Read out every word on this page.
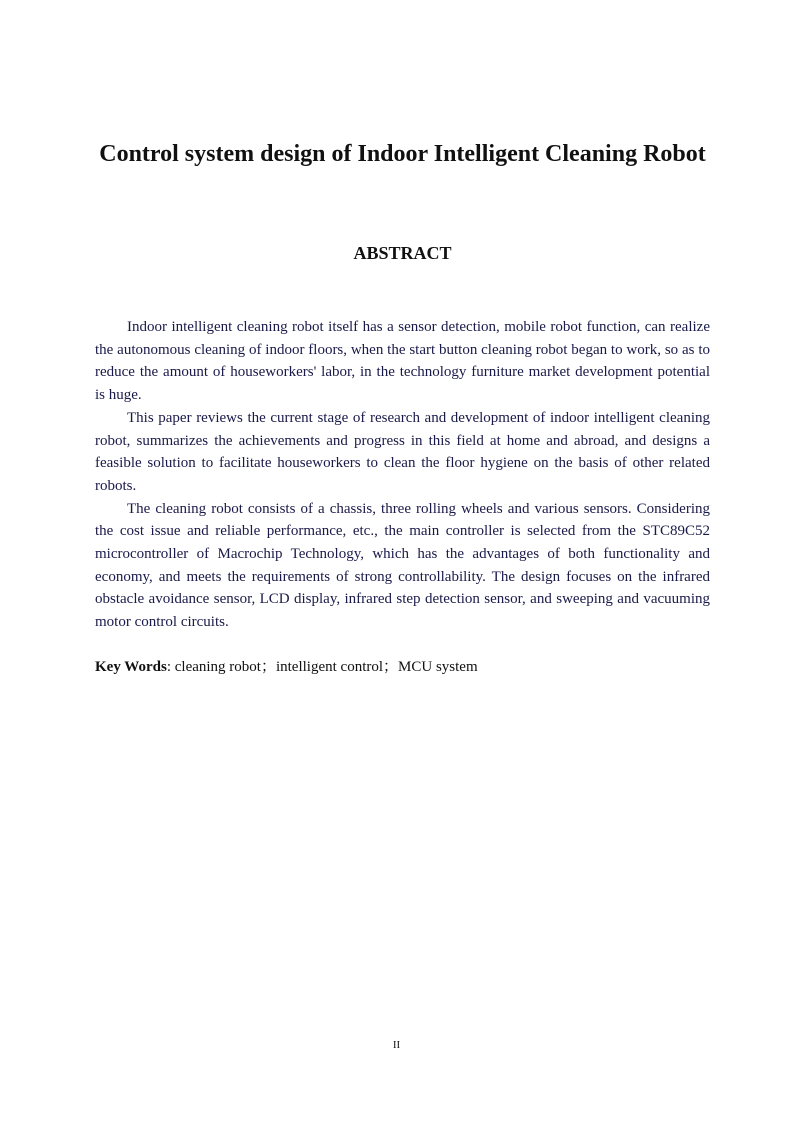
Control system design of Indoor Intelligent Cleaning Robot
ABSTRACT

Indoor intelligent cleaning robot itself has a sensor detection, mobile robot function, can realize the autonomous cleaning of indoor floors, when the start button cleaning robot began to work, so as to reduce the amount of houseworkers' labor, in the technology furniture market development potential is huge.

This paper reviews the current stage of research and development of indoor intelligent cleaning robot, summarizes the achievements and progress in this field at home and abroad, and designs a feasible solution to facilitate houseworkers to clean the floor hygiene on the basis of other related robots.

The cleaning robot consists of a chassis, three rolling wheels and various sensors. Considering the cost issue and reliable performance, etc., the main controller is selected from the STC89C52 microcontroller of Macrochip Technology, which has the advantages of both functionality and economy, and meets the requirements of strong controllability. The design focuses on the infrared obstacle avoidance sensor, LCD display, infrared step detection sensor, and sweeping and vacuuming motor control circuits.

Key Words: cleaning robot；intelligent control；MCU system

II
